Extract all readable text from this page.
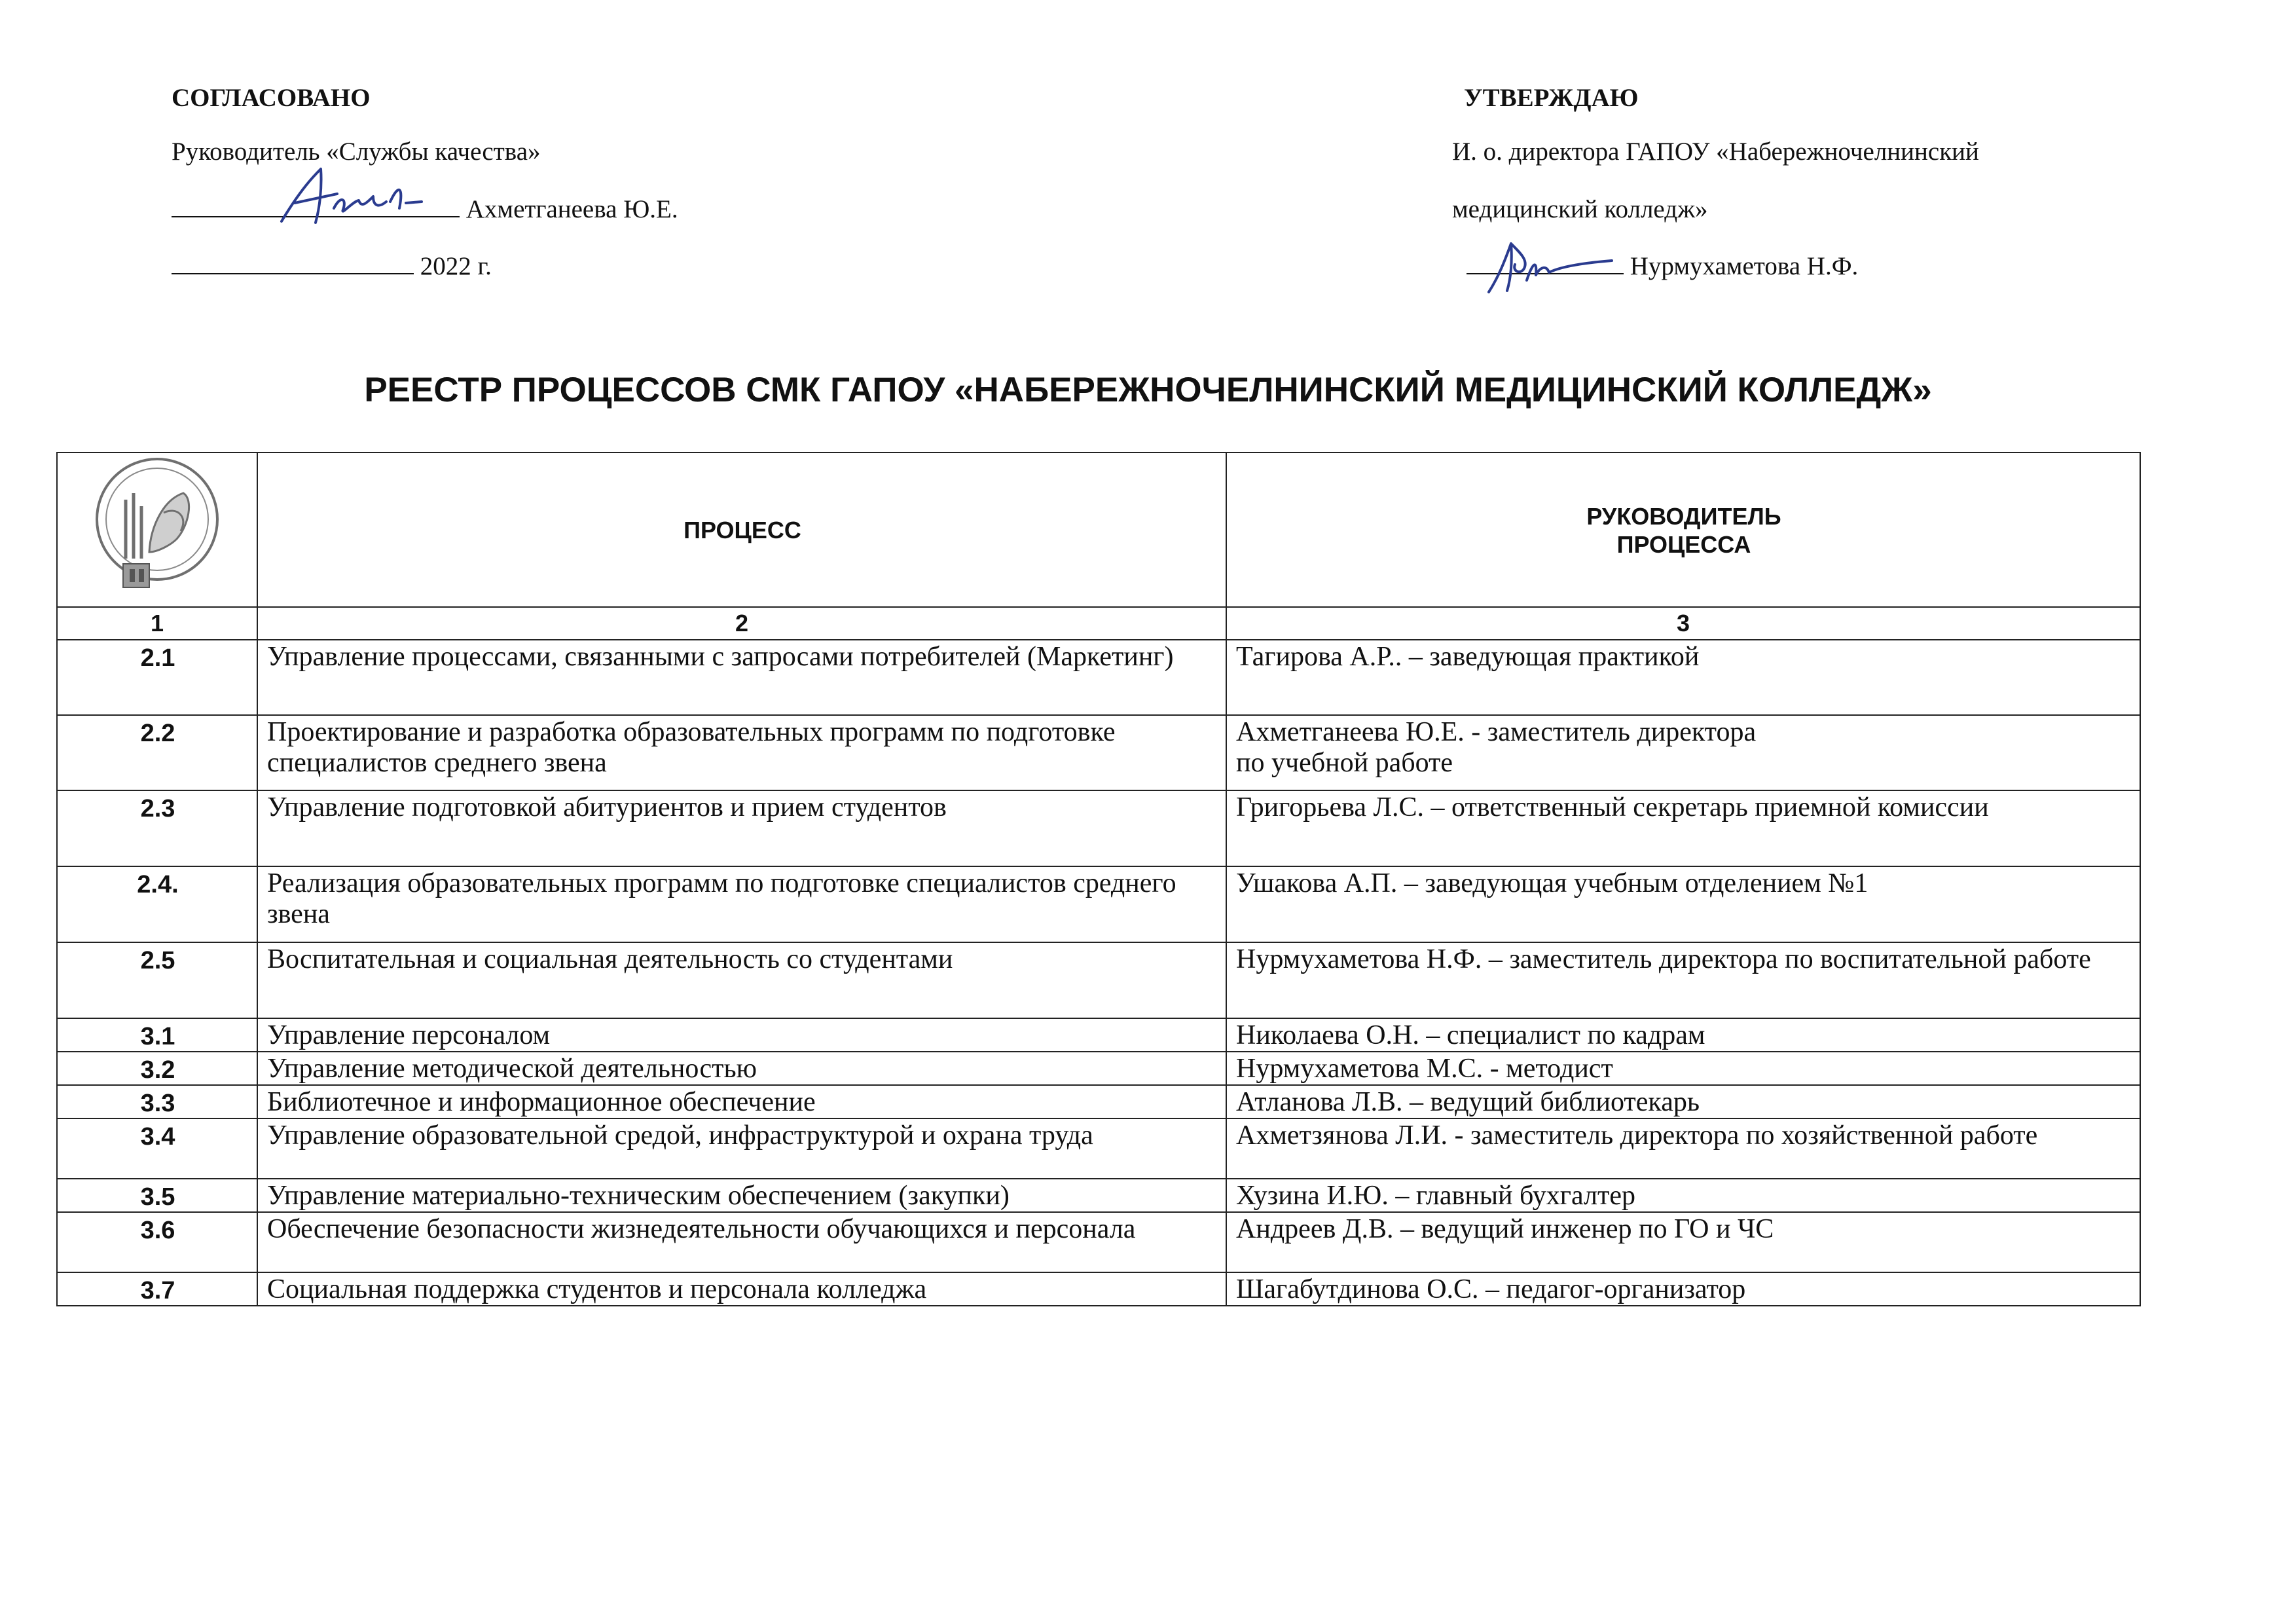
СОГЛАСОВАНО
Руководитель «Службы качества»
Ахметганеева Ю.Е.
2022 г.
УТВЕРЖДАЮ
И. о. директора ГАПОУ «Набережночелнинский
медицинский колледж»
Нурмухаметова Н.Ф.
РЕЕСТР ПРОЦЕССОВ СМК ГАПОУ «НАБЕРЕЖНОЧЕЛНИНСКИЙ МЕДИЦИНСКИЙ КОЛЛЕДЖ»
	ПРОЦЕСС	РУКОВОДИТЕЛЬ
ПРОЦЕССА

1	2	3
2.1	Управление процессами, связанными с запросами потребителей (Маркетинг)	Тагирова А.Р.. – заведующая практикой
2.2	Проектирование и разработка образовательных программ по подготовке специалистов среднего звена	Ахметганеева Ю.Е. - заместитель директора
по учебной работе
2.3	Управление подготовкой абитуриентов и прием студентов	Григорьева Л.С. – ответственный секретарь приемной комиссии
2.4.	Реализация образовательных программ по подготовке специалистов среднего звена	Ушакова А.П. – заведующая учебным отделением №1
2.5	Воспитательная и социальная деятельность со студентами	Нурмухаметова Н.Ф. – заместитель директора по воспитательной работе
3.1	Управление персоналом	Николаева О.Н. – специалист по кадрам
3.2	Управление методической деятельностью	Нурмухаметова М.С. - методист
3.3	Библиотечное и информационное обеспечение	Атланова Л.В. – ведущий библиотекарь
3.4	Управление образовательной средой, инфраструктурой и охрана труда	Ахметзянова Л.И. - заместитель директора по хозяйственной работе
3.5	Управление материально-техническим обеспечением (закупки)	Хузина И.Ю. – главный бухгалтер
3.6	Обеспечение безопасности жизнедеятельности обучающихся и персонала	Андреев Д.В. – ведущий инженер по ГО и ЧС
3.7	Социальная поддержка студентов и персонала колледжа	Шагабутдинова О.С. – педагог-организатор
